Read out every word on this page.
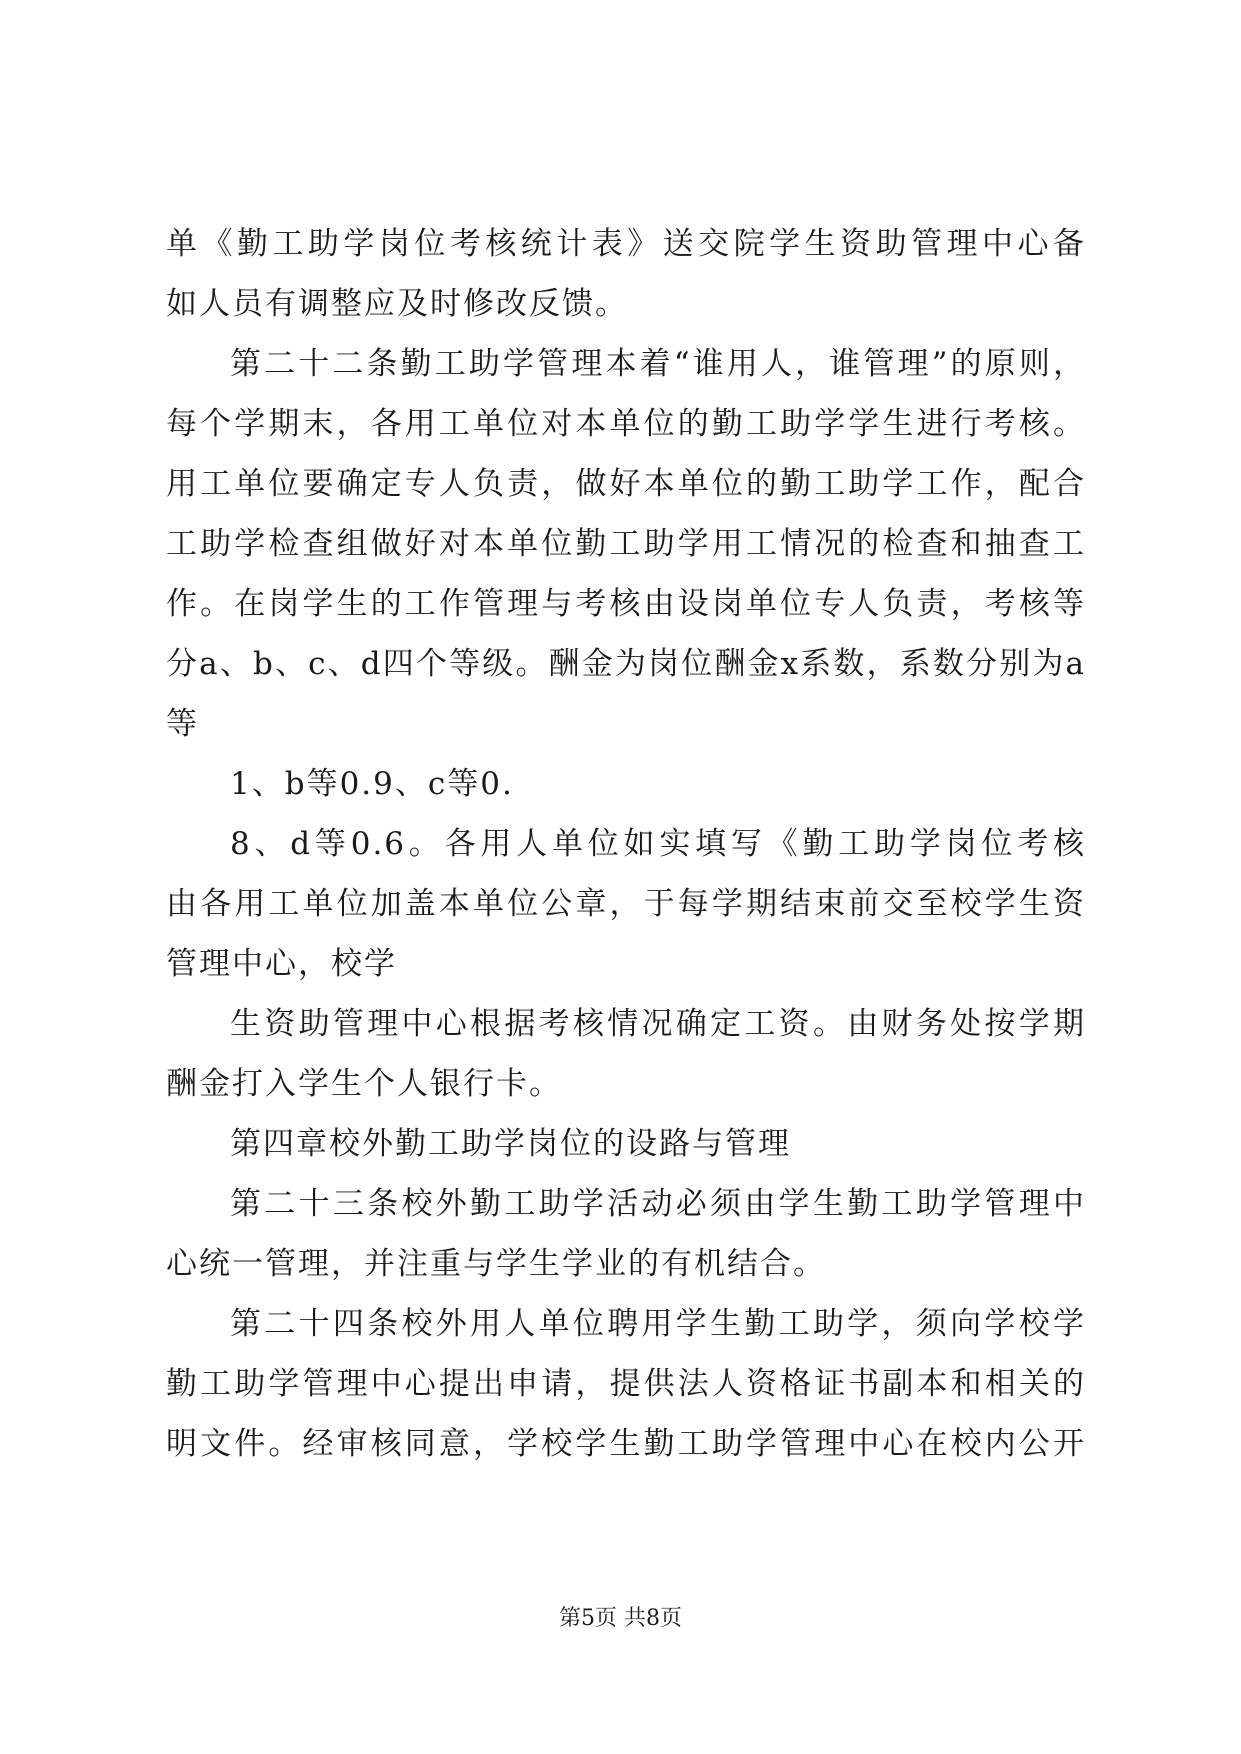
单《勤工助学岗位考核统计表》送交院学生资助管理中心备
如人员有调整应及时修改反馈。
第二十二条勤工助学管理本着“谁用人，谁管理”的原则，
每个学期末，各用工单位对本单位的勤工助学学生进行考核。
用工单位要确定专人负责，做好本单位的勤工助学工作，配合
工助学检查组做好对本单位勤工助学用工情况的检查和抽查工
作。在岗学生的工作管理与考核由设岗单位专人负责，考核等
分a、b、c、d四个等级。酬金为岗位酬金x系数，系数分别为a
等
1、b等0.9、c等0.
8、d等0.6。各用人单位如实填写《勤工助学岗位考核
由各用工单位加盖本单位公章，于每学期结束前交至校学生资
管理中心，校学
生资助管理中心根据考核情况确定工资。由财务处按学期
酬金打入学生个人银行卡。
第四章校外勤工助学岗位的设路与管理
第二十三条校外勤工助学活动必须由学生勤工助学管理中
心统一管理，并注重与学生学业的有机结合。
第二十四条校外用人单位聘用学生勤工助学，须向学校学
勤工助学管理中心提出申请，提供法人资格证书副本和相关的
明文件。经审核同意，学校学生勤工助学管理中心在校内公开
第5页 共8页
